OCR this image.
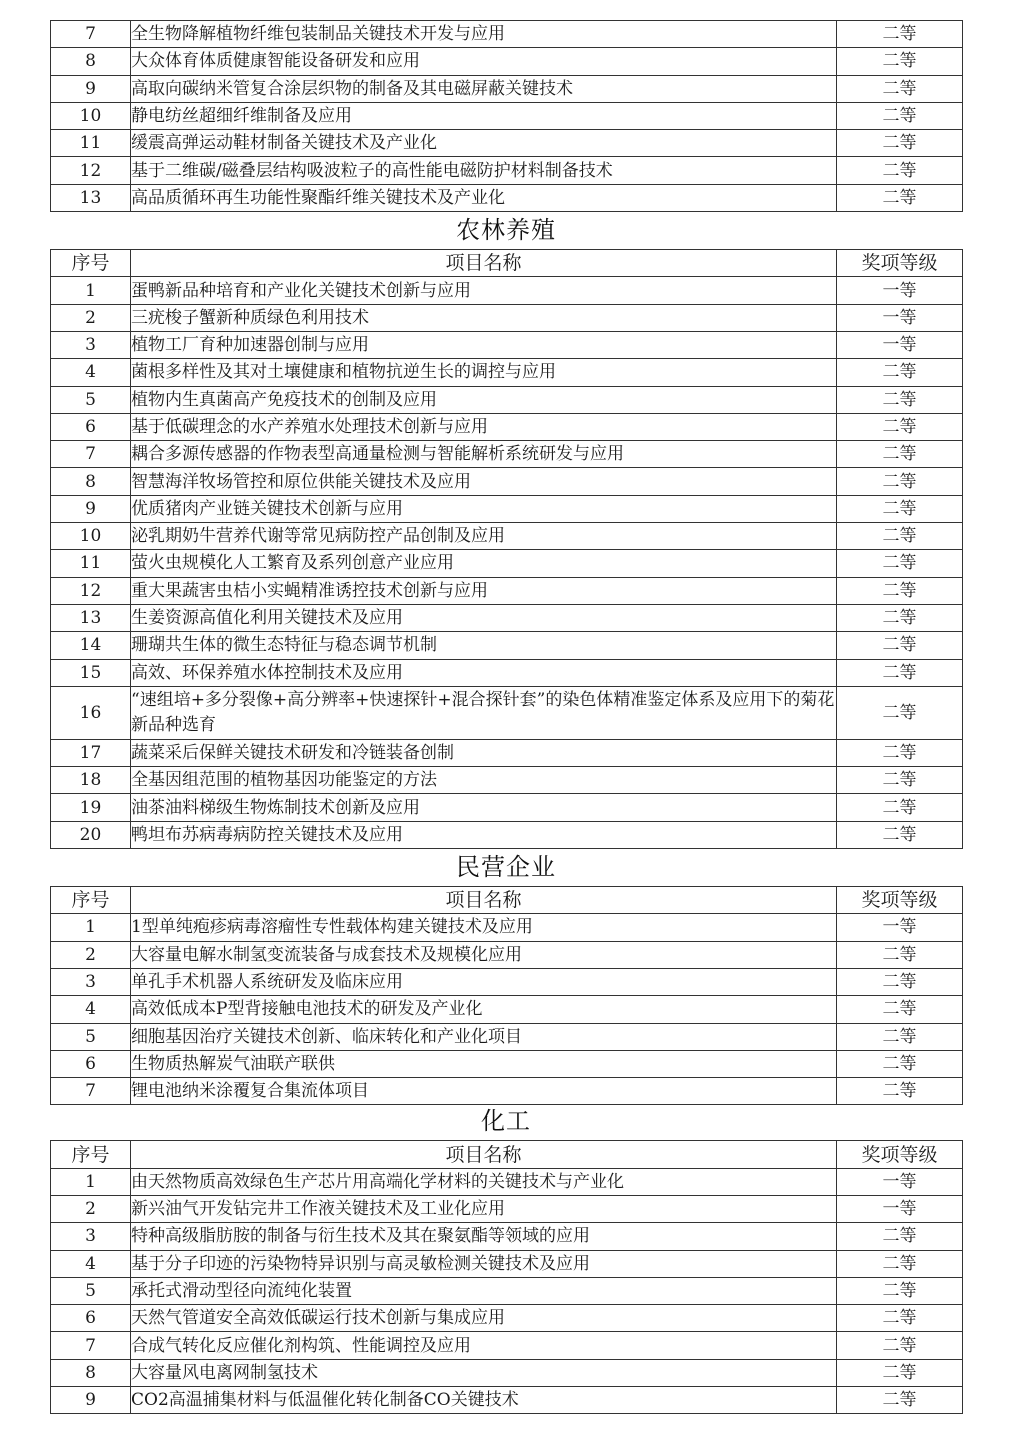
7	全生物降解植物纤维包装制品关键技术开发与应用	二等
8	大众体育体质健康智能设备研发和应用	二等
9	高取向碳纳米管复合涂层织物的制备及其电磁屏蔽关键技术	二等
10	静电纺丝超细纤维制备及应用	二等
11	缓震高弹运动鞋材制备关键技术及产业化	二等
12	基于二维碳/磁叠层结构吸波粒子的高性能电磁防护材料制备技术	二等
13	高品质循环再生功能性聚酯纤维关键技术及产业化	二等
农林养殖
序号	项目名称	奖项等级
1	蛋鸭新品种培育和产业化关键技术创新与应用	一等
2	三疣梭子蟹新种质绿色利用技术	一等
3	植物工厂育种加速器创制与应用	一等
4	菌根多样性及其对土壤健康和植物抗逆生长的调控与应用	二等
5	植物内生真菌高产免疫技术的创制及应用	二等
6	基于低碳理念的水产养殖水处理技术创新与应用	二等
7	耦合多源传感器的作物表型高通量检测与智能解析系统研发与应用	二等
8	智慧海洋牧场管控和原位供能关键技术及应用	二等
9	优质猪肉产业链关键技术创新与应用	二等
10	泌乳期奶牛营养代谢等常见病防控产品创制及应用	二等
11	萤火虫规模化人工繁育及系列创意产业应用	二等
12	重大果蔬害虫桔小实蝇精准诱控技术创新与应用	二等
13	生姜资源高值化利用关键技术及应用	二等
14	珊瑚共生体的微生态特征与稳态调节机制	二等
15	高效、环保养殖水体控制技术及应用	二等
16	“速组培+多分裂像+高分辨率+快速探针+混合探针套”的染色体精准鉴定体系及应用下的菊花新品种选育	二等
17	蔬菜采后保鲜关键技术研发和冷链装备创制	二等
18	全基因组范围的植物基因功能鉴定的方法	二等
19	油茶油料梯级生物炼制技术创新及应用	二等
20	鸭坦布苏病毒病防控关键技术及应用	二等
民营企业
序号	项目名称	奖项等级
1	1型单纯疱疹病毒溶瘤性专性载体构建关键技术及应用	一等
2	大容量电解水制氢变流装备与成套技术及规模化应用	二等
3	单孔手术机器人系统研发及临床应用	二等
4	高效低成本P型背接触电池技术的研发及产业化	二等
5	细胞基因治疗关键技术创新、临床转化和产业化项目	二等
6	生物质热解炭气油联产联供	二等
7	锂电池纳米涂覆复合集流体项目	二等
化工
序号	项目名称	奖项等级
1	由天然物质高效绿色生产芯片用高端化学材料的关键技术与产业化	一等
2	新兴油气开发钻完井工作液关键技术及工业化应用	一等
3	特种高级脂肪胺的制备与衍生技术及其在聚氨酯等领域的应用	二等
4	基于分子印迹的污染物特异识别与高灵敏检测关键技术及应用	二等
5	承托式滑动型径向流纯化装置	二等
6	天然气管道安全高效低碳运行技术创新与集成应用	二等
7	合成气转化反应催化剂构筑、性能调控及应用	二等
8	大容量风电离网制氢技术	二等
9	CO2高温捕集材料与低温催化转化制备CO关键技术	二等
